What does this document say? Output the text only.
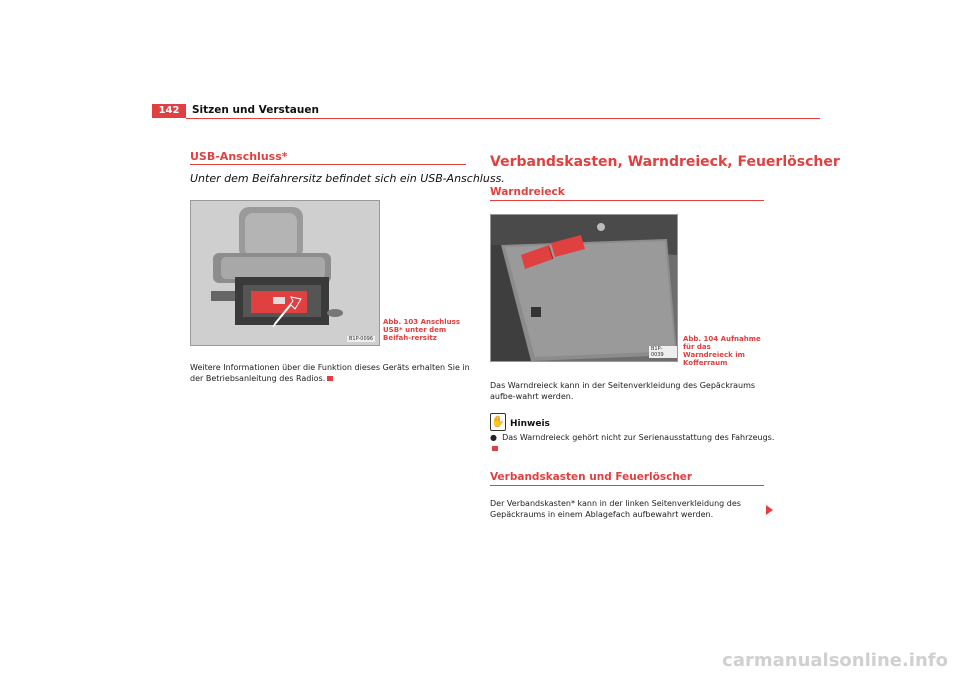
142	Sitzen und Verstauen
USB-Anschluss*
Unter dem Beifahrersitz befindet sich ein USB-Anschluss.
B1P-0096
Abb. 103 Anschluss USB* unter dem Beifah-rersitz
Weitere Informationen über die Funktion dieses Geräts erhalten Sie in der Betriebsanleitung des Radios.
Verbandskasten, Warndreieck, Feuerlöscher
Warndreieck
B1P-0039
Abb. 104 Aufnahme für das Warndreieck im Kofferraum
Das Warndreieck kann in der Seitenverkleidung des Gepäckraums aufbe-wahrt werden.
✋ Hinweis
●  Das Warndreieck gehört nicht zur Serienausstattung des Fahrzeugs.
Verbandskasten und Feuerlöscher
Der Verbandskasten* kann in der linken Seitenverkleidung des Gepäckraums in einem Ablagefach aufbewahrt werden.
carmanualsonline.info
